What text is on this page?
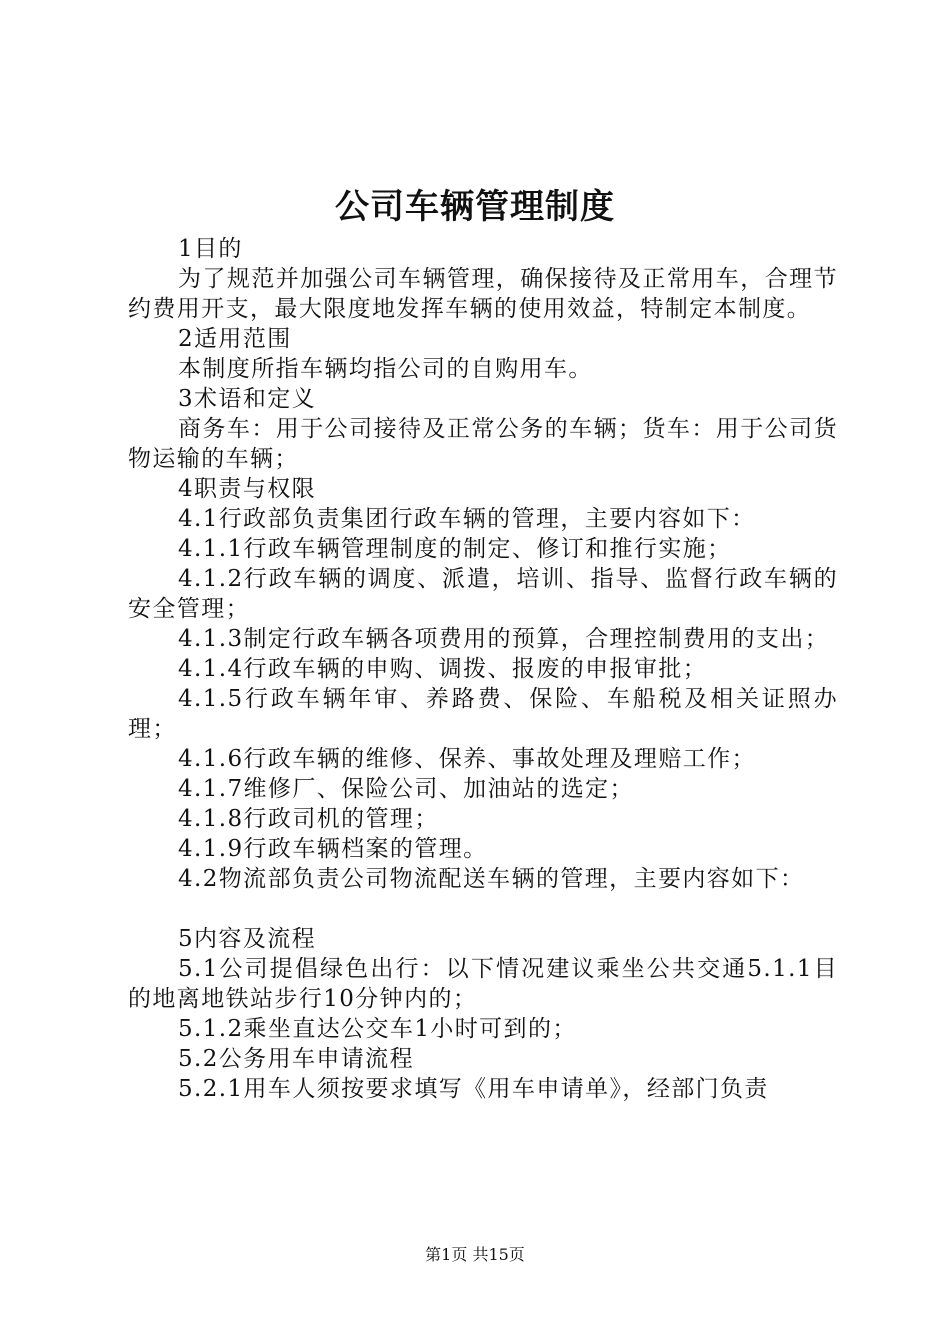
公司车辆管理制度

1目的

为了规范并加强公司车辆管理，确保接待及正常用车，合理节约费用开支，最大限度地发挥车辆的使用效益，特制定本制度。

2适用范围

本制度所指车辆均指公司的自购用车。

3术语和定义

商务车：用于公司接待及正常公务的车辆；货车：用于公司货物运输的车辆；

4职责与权限

4.1行政部负责集团行政车辆的管理，主要内容如下：

4.1.1行政车辆管理制度的制定、修订和推行实施；

4.1.2行政车辆的调度、派遣，培训、指导、监督行政车辆的安全管理；

4.1.3制定行政车辆各项费用的预算，合理控制费用的支出；

4.1.4行政车辆的申购、调拨、报废的申报审批；

4.1.5行政车辆年审、养路费、保险、车船税及相关证照办理；

4.1.6行政车辆的维修、保养、事故处理及理赔工作；

4.1.7维修厂、保险公司、加油站的选定；

4.1.8行政司机的管理；

4.1.9行政车辆档案的管理。

4.2物流部负责公司物流配送车辆的管理，主要内容如下：

5内容及流程

5.1公司提倡绿色出行：以下情况建议乘坐公共交通5.1.1目的地离地铁站步行10分钟内的；

5.1.2乘坐直达公交车1小时可到的；

5.2公务用车申请流程

5.2.1用车人须按要求填写《用车申请单》，经部门负责

第1页 共15页
